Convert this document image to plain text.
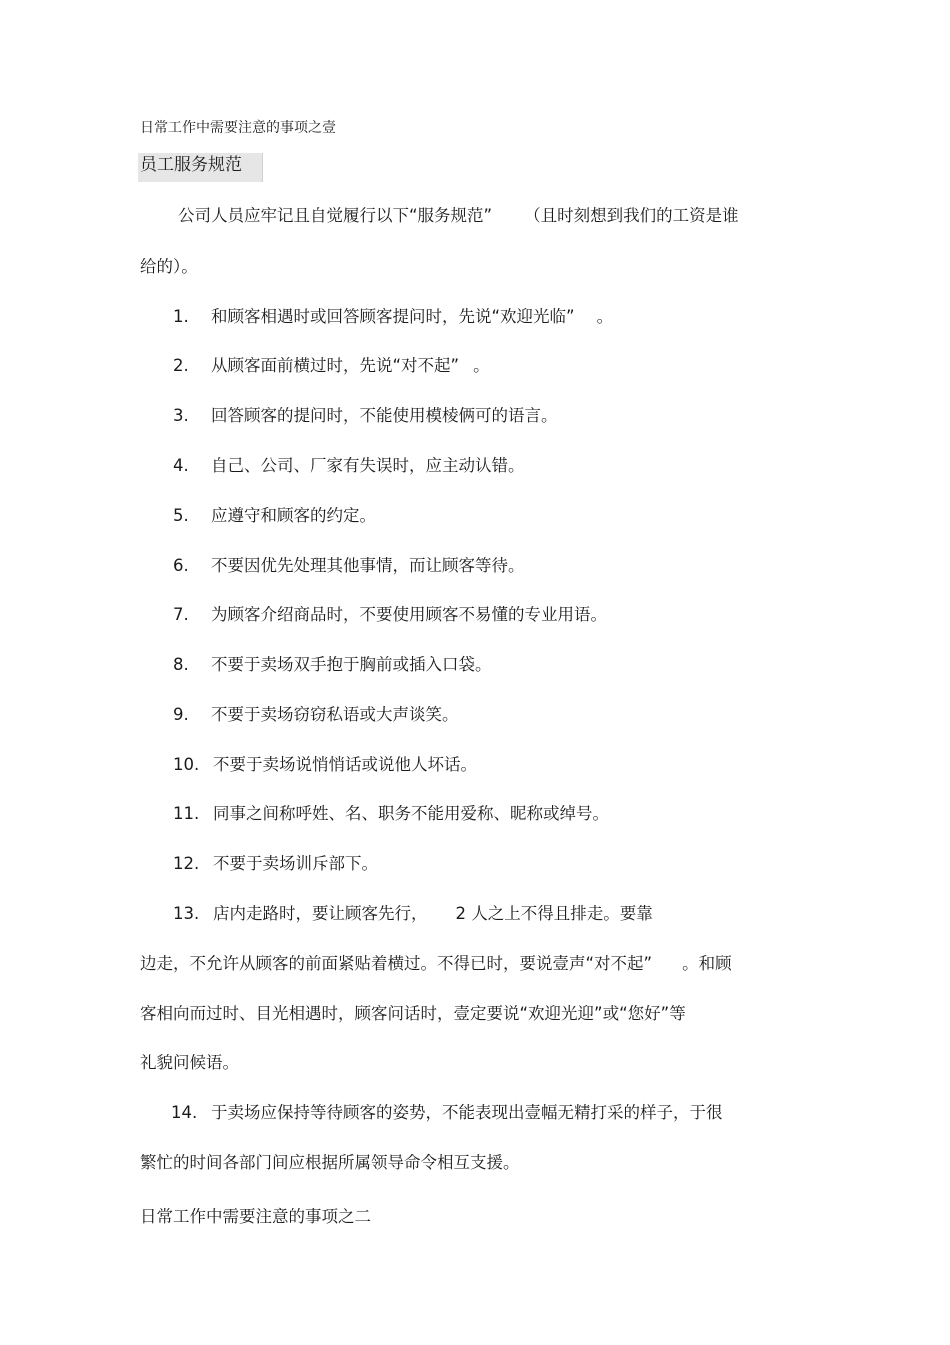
日常工作中需要注意的事项之壹
员工服务规范
公司人员应牢记且自觉履行以下“服务规范” （且时刻想到我们的工资是谁
给的）。
1. 和顾客相遇时或回答顾客提问时，先说“欢迎光临” 。
2. 从顾客面前横过时，先说“对不起” 。
3. 回答顾客的提问时，不能使用模棱俩可的语言。
4. 自己、公司、厂家有失误时，应主动认错。
5. 应遵守和顾客的约定。
6. 不要因优先处理其他事情，而让顾客等待。
7. 为顾客介绍商品时，不要使用顾客不易懂的专业用语。
8. 不要于卖场双手抱于胸前或插入口袋。
9. 不要于卖场窃窃私语或大声谈笑。
10. 不要于卖场说悄悄话或说他人坏话。
11. 同事之间称呼姓、名、职务不能用爱称、昵称或绰号。
12. 不要于卖场训斥部下。
13. 店内走路时，要让顾客先行， 2 人之上不得且排走。要靠
边走，不允许从顾客的前面紧贴着横过。不得已时，要说壹声“对不起” 。和顾
客相向而过时、目光相遇时，顾客问话时，壹定要说“欢迎光迎”或“您好”等
礼貌问候语。
14. 于卖场应保持等待顾客的姿势，不能表现出壹幅无精打采的样子，于很
繁忙的时间各部门间应根据所属领导命令相互支援。
日常工作中需要注意的事项之二
